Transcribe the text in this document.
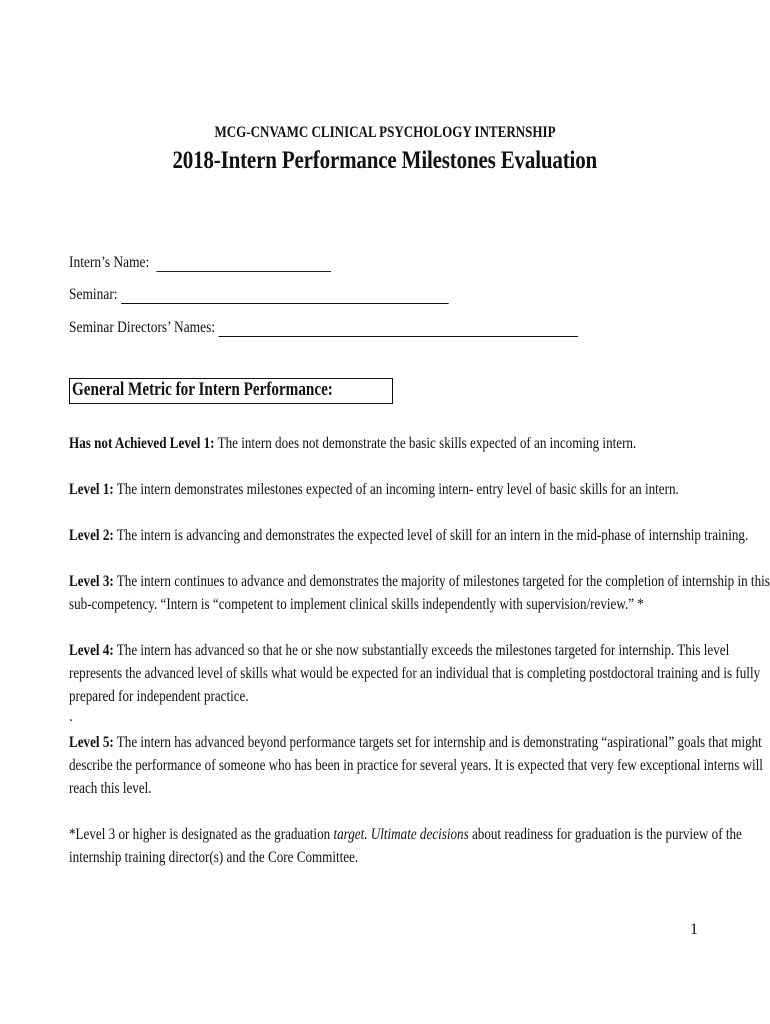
MCG-CNVAMC CLINICAL PSYCHOLOGY INTERNSHIP
2018-Intern Performance Milestones Evaluation
Intern’s Name:
Seminar:
Seminar Directors’ Names:
General Metric for Intern Performance:
Has not Achieved Level 1: The intern does not demonstrate the basic skills expected of an incoming intern.
Level 1: The intern demonstrates milestones expected of an incoming intern- entry level of basic skills for an intern.
Level 2: The intern is advancing and demonstrates the expected level of skill for an intern in the mid-phase of internship training.
Level 3: The intern continues to advance and demonstrates the majority of milestones targeted for the completion of internship in this
sub-competency. “Intern is “competent to implement clinical skills independently with supervision/review.” *
Level 4: The intern has advanced so that he or she now substantially exceeds the milestones targeted for internship. This level
represents the advanced level of skills what would be expected for an individual that is completing postdoctoral training and is fully
prepared for independent practice.
.
Level 5: The intern has advanced beyond performance targets set for internship and is demonstrating “aspirational” goals that might
describe the performance of someone who has been in practice for several years. It is expected that very few exceptional interns will
reach this level.
*Level 3 or higher is designated as the graduation target. Ultimate decisions about readiness for graduation is the purview of the
internship training director(s) and the Core Committee.
1
